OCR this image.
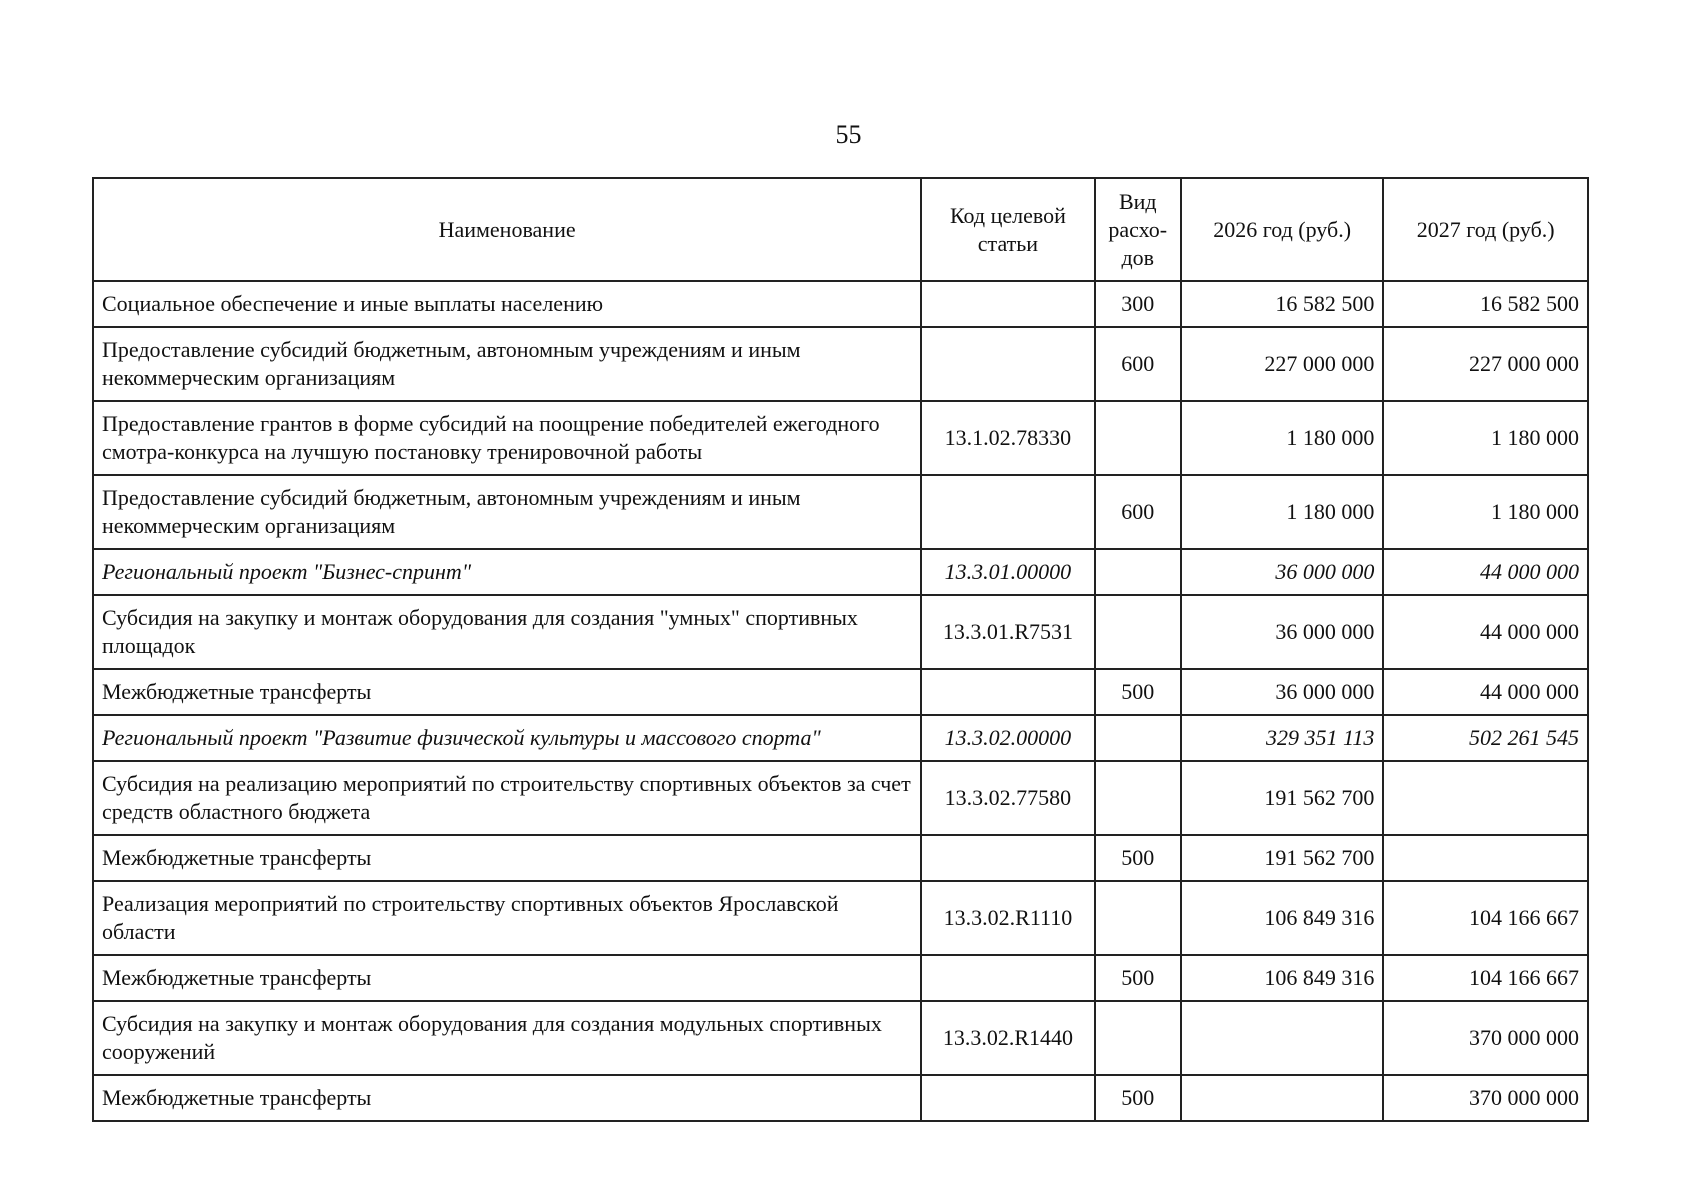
55
Наименование	Код целевой статьи	Вид расхо-дов	2026 год (руб.)	2027 год (руб.)
Социальное обеспечение и иные выплаты населению		300	16 582 500	16 582 500
Предоставление субсидий бюджетным, автономным учреждениям и иным некоммерческим организациям		600	227 000 000	227 000 000
Предоставление грантов в форме субсидий на поощрение победителей ежегодного смотра-конкурса на лучшую постановку тренировочной работы	13.1.02.78330		1 180 000	1 180 000
Предоставление субсидий бюджетным, автономным учреждениям и иным некоммерческим организациям		600	1 180 000	1 180 000
Региональный проект "Бизнес-спринт"	13.3.01.00000		36 000 000	44 000 000
Субсидия на закупку и монтаж оборудования для создания "умных" спортивных площадок	13.3.01.R7531		36 000 000	44 000 000
Межбюджетные трансферты		500	36 000 000	44 000 000
Региональный проект "Развитие физической культуры и массового спорта"	13.3.02.00000		329 351 113	502 261 545
Субсидия на реализацию мероприятий по строительству спортивных объектов за счет средств областного бюджета	13.3.02.77580		191 562 700	
Межбюджетные трансферты		500	191 562 700	
Реализация мероприятий по строительству спортивных объектов Ярославской области	13.3.02.R1110		106 849 316	104 166 667
Межбюджетные трансферты		500	106 849 316	104 166 667
Субсидия на закупку и монтаж оборудования для создания модульных спортивных сооружений	13.3.02.R1440			370 000 000
Межбюджетные трансферты		500		370 000 000
